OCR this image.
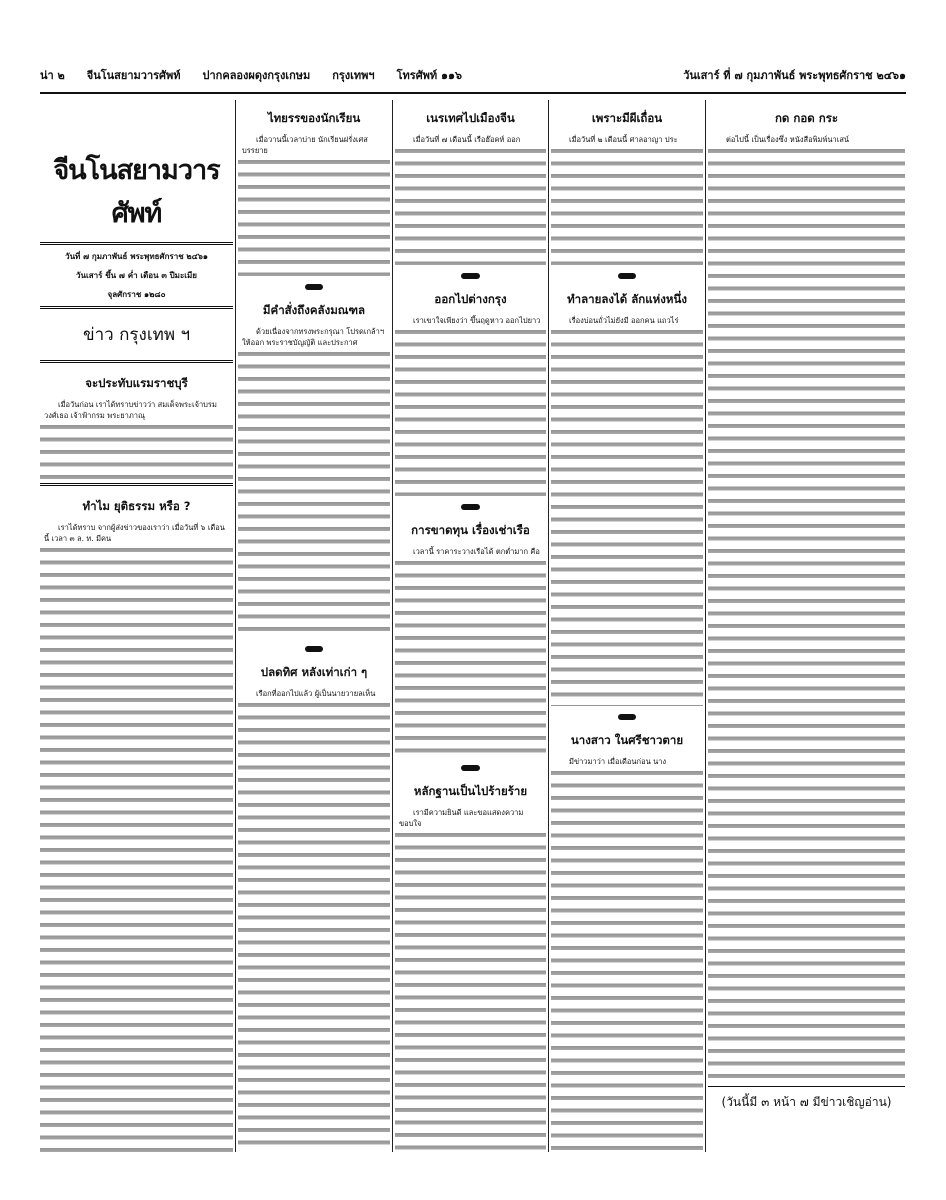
น่า ๒ จีนโนสยามวารศัพท์ ปากคลองผดุงกรุงเกษม กรุงเทพฯ โทรศัพท์ ๑๑๖	วันเสาร์ ที่ ๗ กุมภาพันธ์ พระพุทธศักราช ๒๔๖๑
จีนโนสยามวารศัพท์
วันที่ ๗ กุมภาพันธ์ พระพุทธศักราช ๒๔๖๑
วันเสาร์ ขึ้น ๗ ค่ำ เดือน ๓ ปีมะเมีย
จุลศักราช ๑๒๘๐
ข่าว กรุงเทพ ฯ
จะประทับแรมราชบุรี
เมื่อวันก่อน เราได้ทราบข่าวว่า สมเด็จพระเจ้าบรมวงศ์เธอ เจ้าฟ้ากรม พระยาภาณุ
ทำไม ยุติธรรม หรือ ?
เราได้ทราบ จากผู้ส่งข่าวของเราว่า เมื่อวันที่ ๖ เดือนนี้ เวลา ๓ ล. ท. มีคน
ไทยรรของนักเรียน
เมื่อวานนี้เวลาบ่าย นักเรียนฝรั่งเศส บรรยาย
มีคำสั่งถึงคลังมณฑล
ด้วยเนื่องจากทรงพระกรุณา โปรดเกล้าฯ ให้ออก พระราชบัญญัติ และประกาศ
ปลดทิศ หลังเท่าเก่า ๆ
เรือกที่ออกไปแล้ว ผู้เป็นนายวายลเห็น
เนรเทศไปเมืองจีน
เมื่อวันที่ ๗ เดือนนี้ เรือฮ๊อคท์ ออก
ออกไปต่างกรุง
เราเขาใจเพียงว่า ขึ้นฤดูหาว ออกไปยาว
การขาดทุน เรื่องเช่าเรือ
เวลานี้ ราคาระวางเรือได้ ตกต่ำมาก คือ
หลักฐานเป็นไปร้ายร้าย
เรามีความยินดี และขอแสดงความขอบใจ
เพราะมีผีเถื่อน
เมื่อวันที่ ๒ เดือนนี้ ศาลอาญา ประ
ทำลายลงได้ ลักแห่งหนึ่ง
เรื่องบ่อนถั่วไม่ยังมี ออกคน แถวไร่
นางสาว ในศรีชาวตาย
มีข่าวมาว่า เมื่อเดือนก่อน นาง
กด กอด กระ
ต่อไปนี้ เป็นเรื่องซึ่ง หนังสือพิมพ์นาเสน์
(วันนี้มี ๓ หน้า ๗ มีข่าวเชิญอ่าน)
